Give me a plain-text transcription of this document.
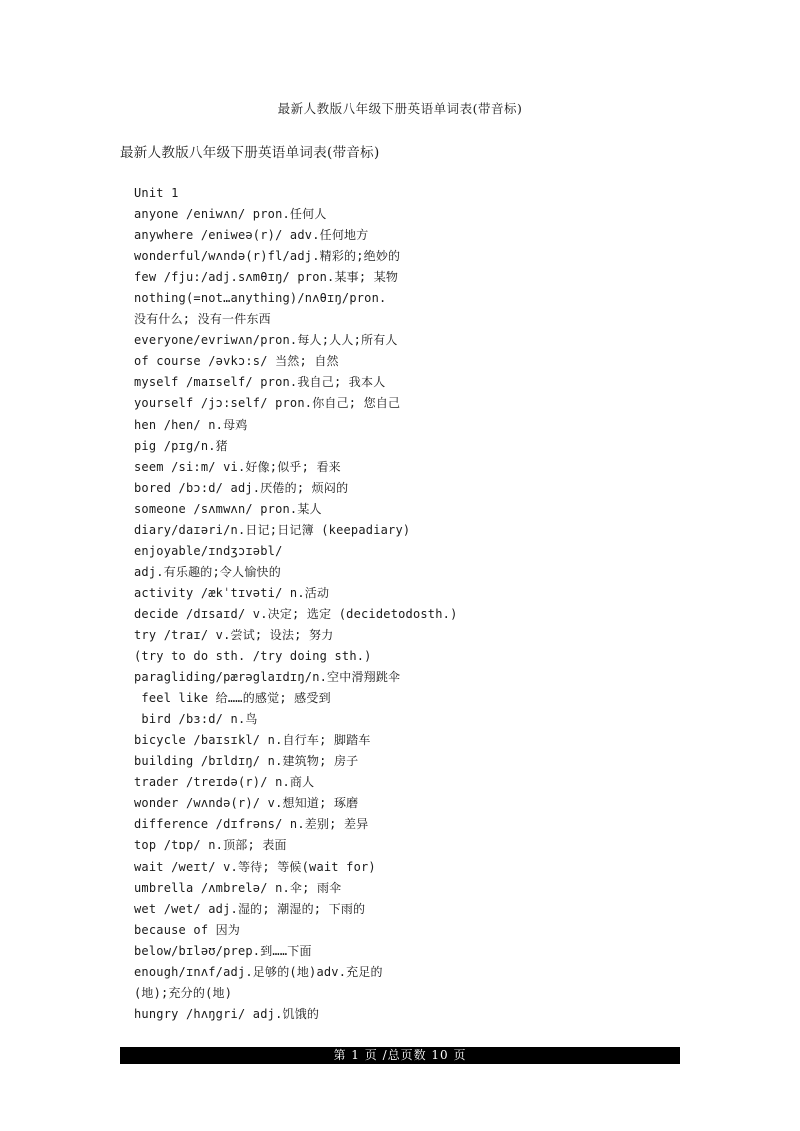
最新人教版八年级下册英语单词表(带音标)
最新人教版八年级下册英语单词表(带音标)
Unit 1
anyone /eniwʌn/ pron.任何人
anywhere /eniweə(r)/ adv.任何地方
wonderful/wʌndə(r)fl/adj.精彩的;绝妙的
few /fju:/adj.sʌmθɪŋ/ pron.某事; 某物
nothing(=not…anything)/nʌθɪŋ/pron.
没有什么; 没有一件东西
everyone/evriwʌn/pron.每人;人人;所有人
of course /əvkɔ:s/ 当然; 自然
myself /maɪself/ pron.我自己; 我本人
yourself /jɔ:self/ pron.你自己; 您自己
hen /hen/ n.母鸡
pig /pɪg/n.猪
seem /si:m/ vi.好像;似乎; 看来
bored /bɔ:d/ adj.厌倦的; 烦闷的
someone /sʌmwʌn/ pron.某人
diary/daɪəri/n.日记;日记簿 (keepadiary)
enjoyable/ɪndʒɔɪəbl/
adj.有乐趣的;令人愉快的
activity /ækˈtɪvəti/ n.活动
decide /dɪsaɪd/ v.决定; 选定 (decidetodosth.)
try /traɪ/ v.尝试; 设法; 努力
(try to do sth. /try doing sth.)
paragliding/pærəglaɪdɪŋ/n.空中滑翔跳伞
feel like 给……的感觉; 感受到
bird /bɜ:d/ n.鸟
bicycle /baɪsɪkl/ n.自行车; 脚踏车
building /bɪldɪŋ/ n.建筑物; 房子
trader /treɪdə(r)/ n.商人
wonder /wʌndə(r)/ v.想知道; 琢磨
difference /dɪfrəns/ n.差别; 差异
top /tɒp/ n.顶部; 表面
wait /weɪt/ v.等待; 等候(wait for)
umbrella /ʌmbrelə/ n.伞; 雨伞
wet /wet/ adj.湿的; 潮湿的; 下雨的
because of 因为
below/bɪləʊ/prep.到……下面
enough/ɪnʌf/adj.足够的(地)adv.充足的
(地);充分的(地)
hungry /hʌŋgri/ adj.饥饿的
第 1 页 /总页数 10 页
